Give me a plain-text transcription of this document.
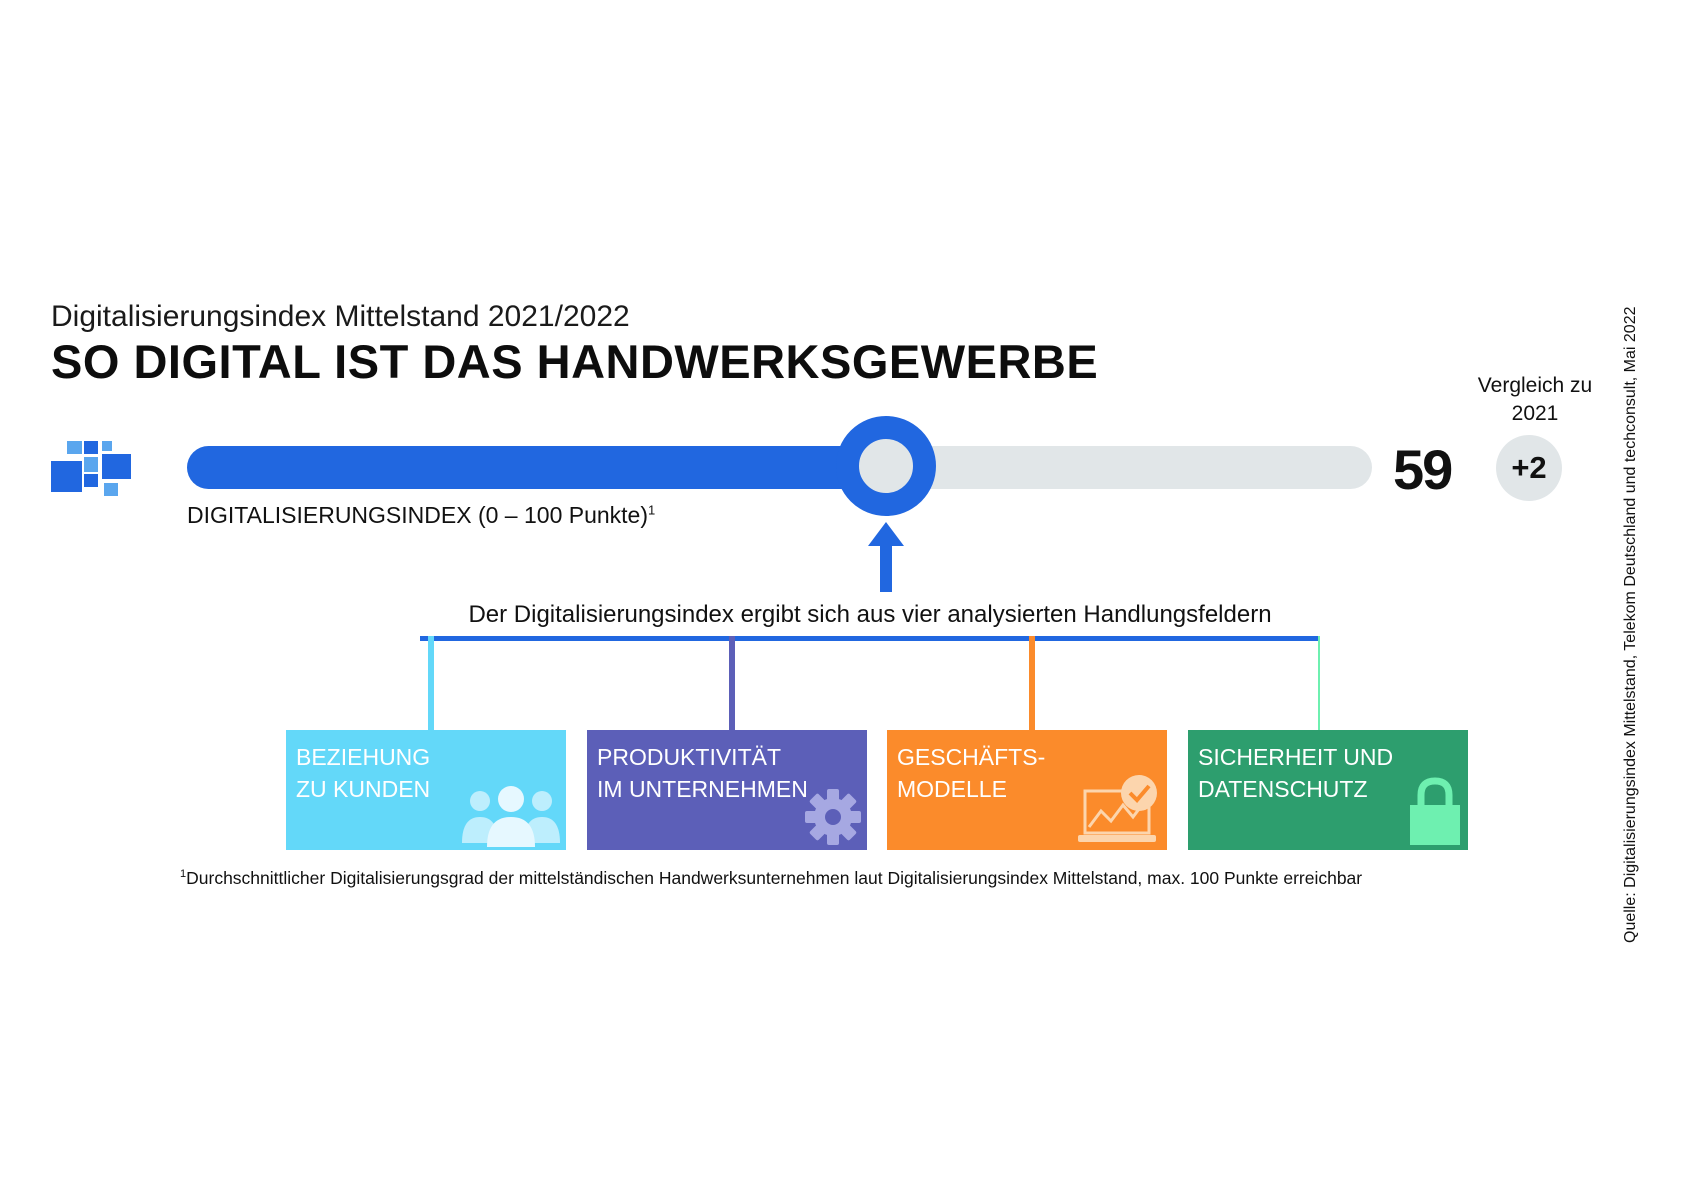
Digitalisierungsindex Mittelstand 2021/2022
SO DIGITAL IST DAS HANDWERKSGEWERBE
DIGITALISIERUNGSINDEX (0 – 100 Punkte)$^1$
59
Vergleich zu 2021
+2
Der Digitalisierungsindex ergibt sich aus vier analysierten Handlungsfeldern
BEZIEHUNG
ZU KUNDEN
PRODUKTIVITÄT
IM UNTERNEHMEN
GESCHÄFTS-
MODELLE
SICHERHEIT UND
DATENSCHUTZ
$^1$Durchschnittlicher Digitalisierungsgrad der mittelständischen Handwerksunternehmen laut Digitalisierungsindex Mittelstand, max. 100 Punkte erreichbar	Quelle: Digitalisierungsindex Mittelstand, Telekom Deutschland und techconsult, Mai 2022
